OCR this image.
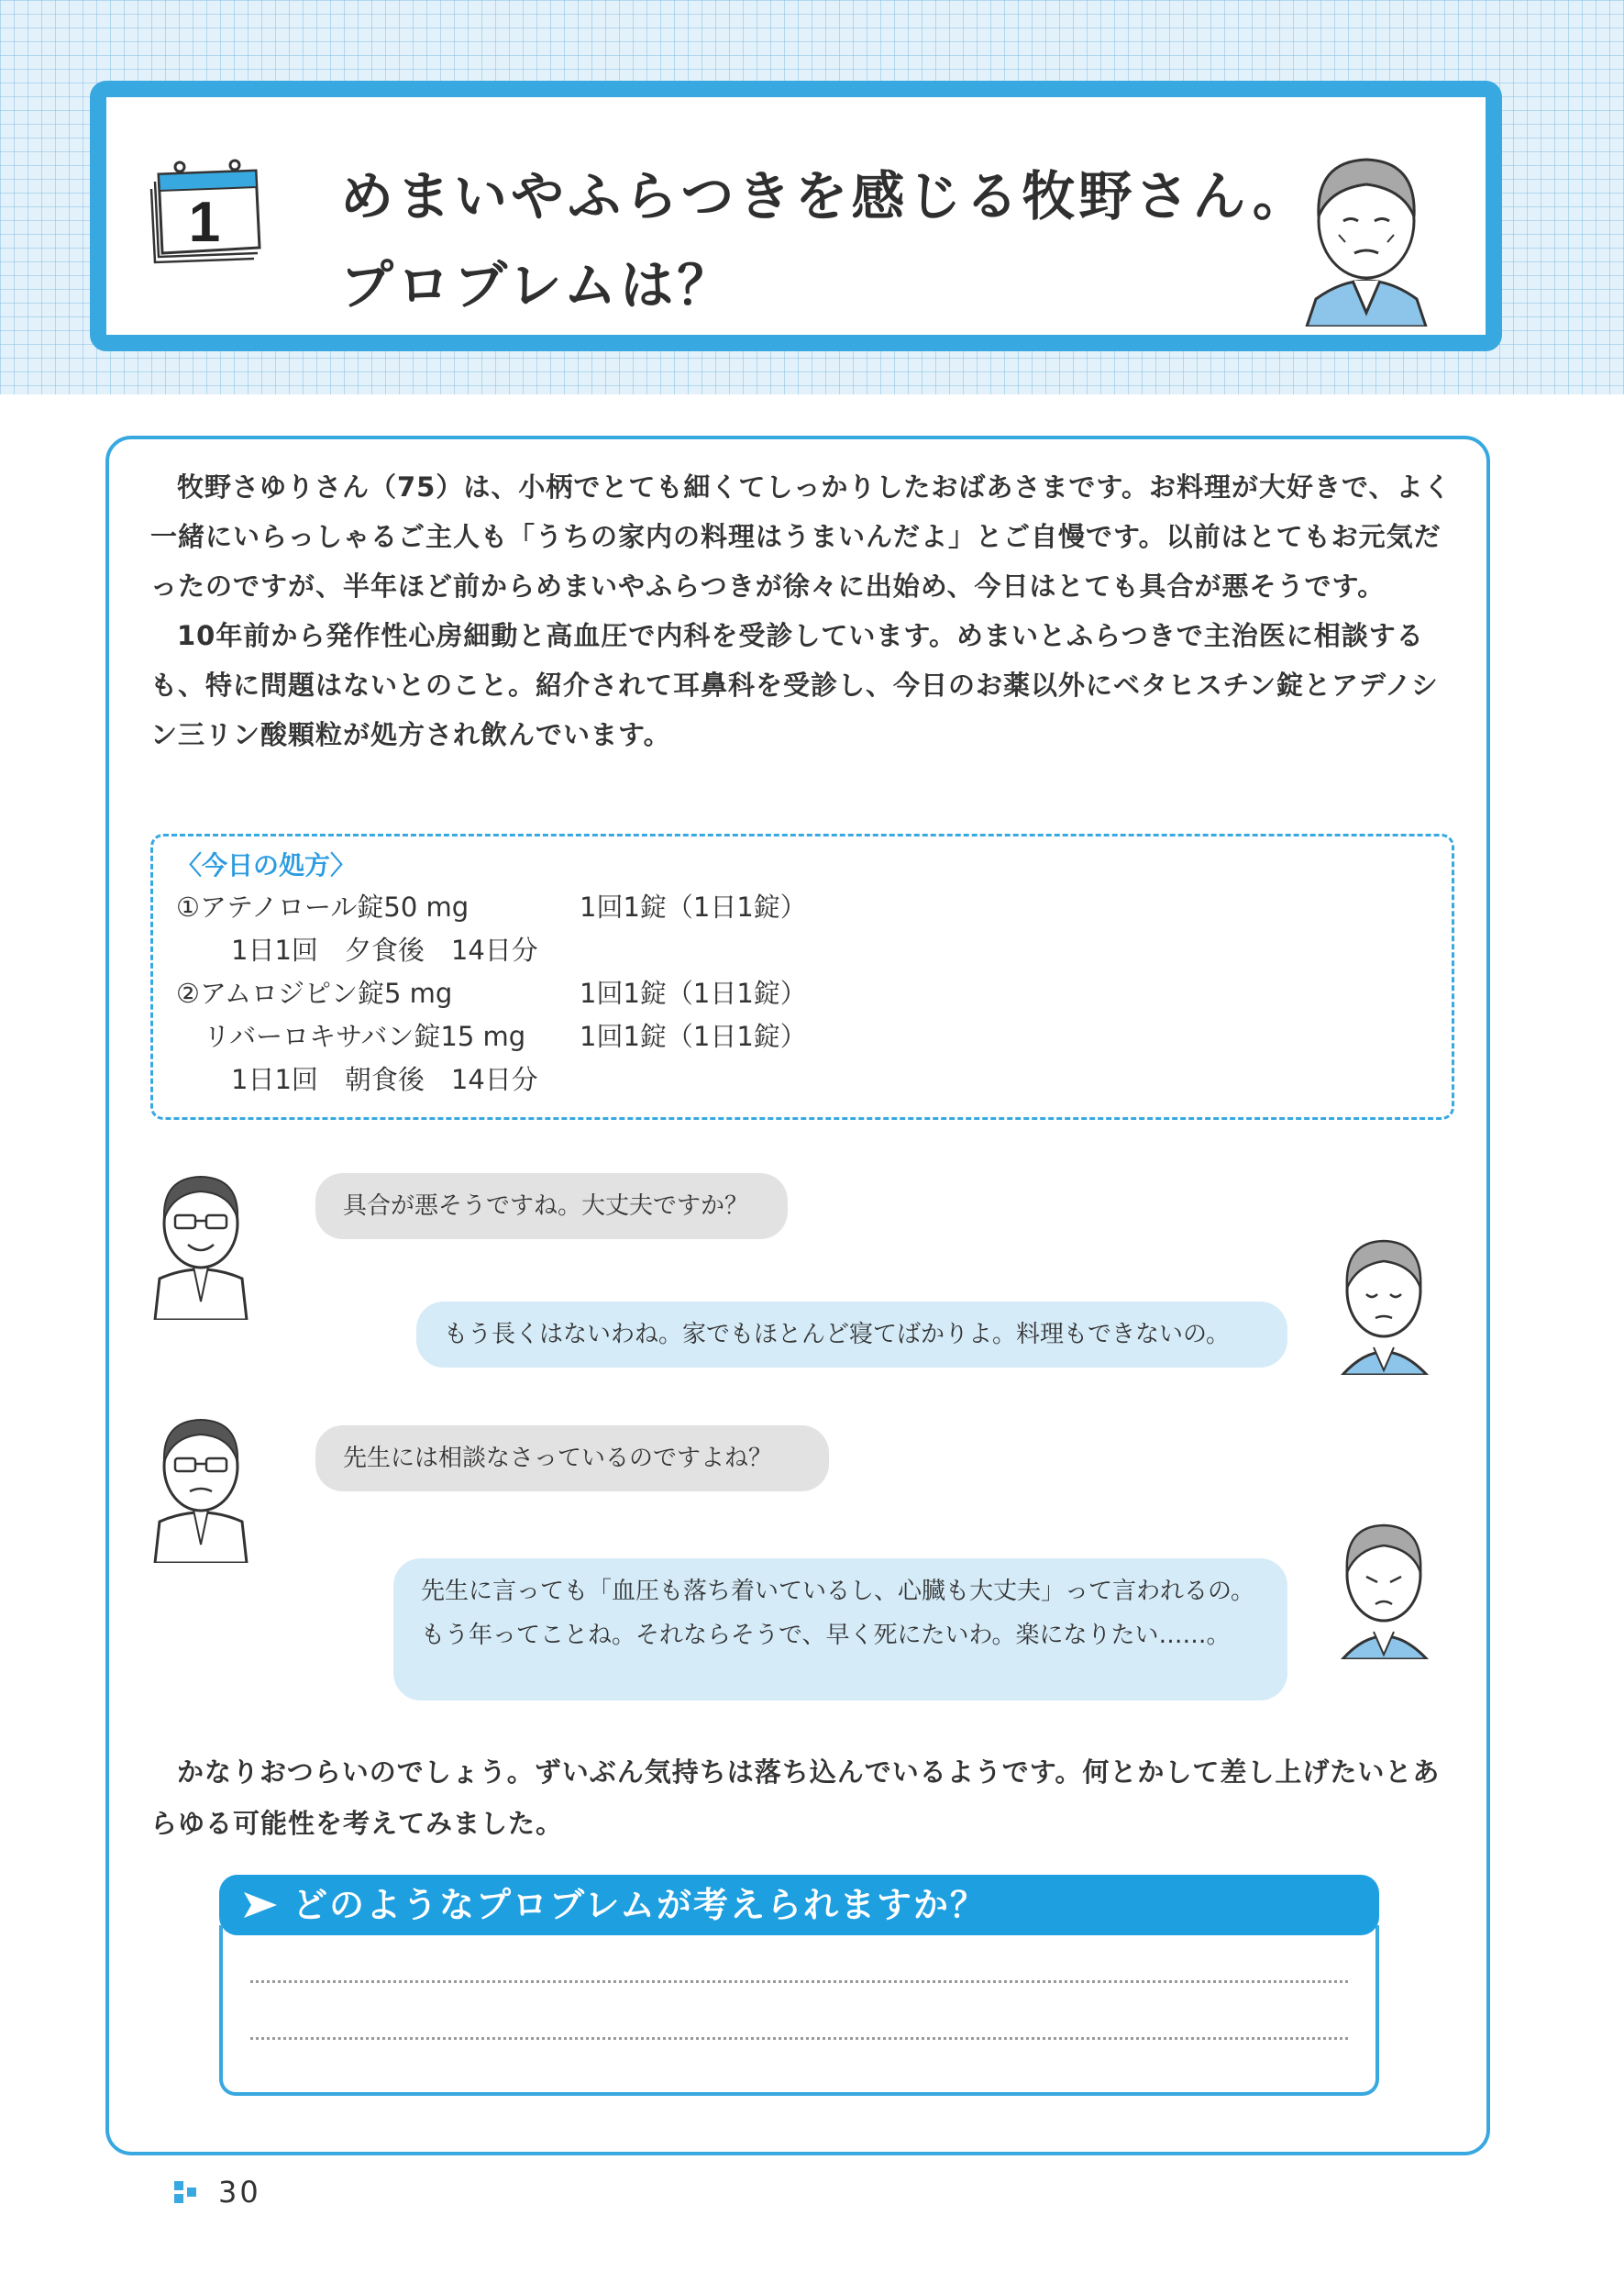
1 めまいやふらつきを感じる牧野さん。
プロブレムは？

牧野さゆりさん（75）は、小柄でとても細くてしっかりしたおばあさまです。お料理が大好きで、よく一緒にいらっしゃるご主人も「うちの家内の料理はうまいんだよ」とご自慢です。以前はとてもお元気だったのですが、半年ほど前からめまいやふらつきが徐々に出始め、今日はとても具合が悪そうです。

10年前から発作性心房細動と高血圧で内科を受診しています。めまいとふらつきで主治医に相談するも、特に問題はないとのこと。紹介されて耳鼻科を受診し、今日のお薬以外にベタヒスチン錠とアデノシン三リン酸顆粒が処方され飲んでいます。

〈今日の処方〉
①アテノロール錠50 mg	1回1錠（1日1錠）
1日1回　夕食後　14日分
②アムロジピン錠5 mg	1回1錠（1日1錠）
リバーロキサバン錠15 mg 1回1錠（1日1錠）
1日1回　朝食後　14日分
具合が悪そうですね。大丈夫ですか？
もう長くはないわね。家でもほとんど寝てばかりよ。料理もできないの。
先生には相談なさっているのですよね？
先生に言っても「血圧も落ち着いているし、心臓も大丈夫」って言われるの。もう年ってことね。それならそうで、早く死にたいわ。楽になりたい……。

かなりおつらいのでしょう。ずいぶん気持ちは落ち込んでいるようです。何とかして差し上げたいとあらゆる可能性を考えてみました。

どのようなプロブレムが考えられますか？
30
